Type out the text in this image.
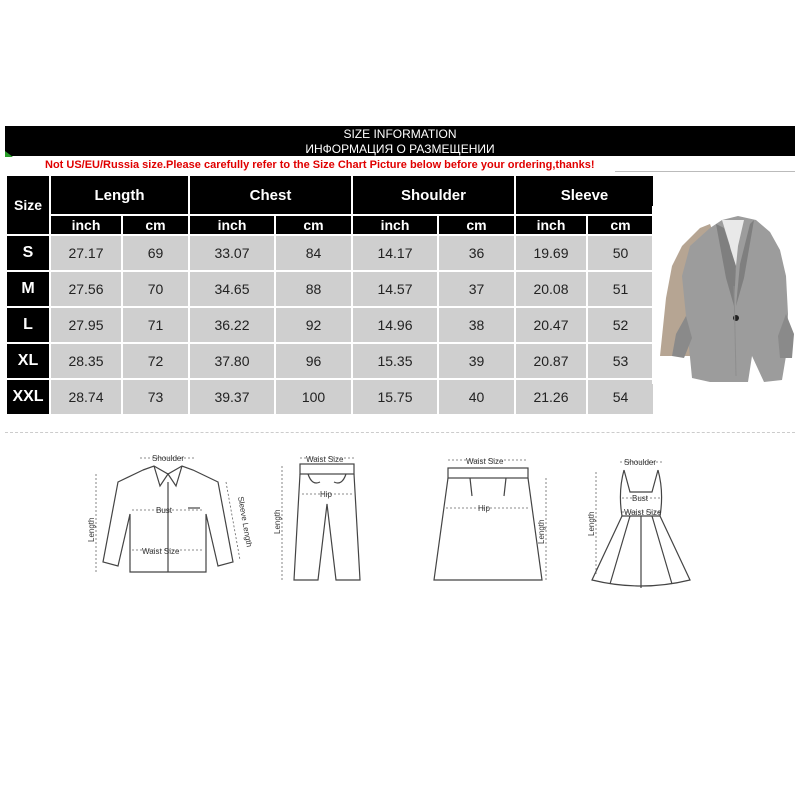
SIZE INFORMATION
ИНФОРМАЦИЯ О РАЗМЕЩЕНИИ
Not US/EU/Russia size.Please carefully refer to the Size Chart Picture below before your ordering,thanks!
Size	Length		Chest		Shoulder		Sleeve	
	inch	cm	inch	cm	inch	cm	inch	cm
S	27.17	69	33.07	84	14.17	36	19.69	50
M	27.56	70	34.65	88	14.57	37	20.08	51
L	27.95	71	36.22	92	14.96	38	20.47	52
XL	28.35	72	37.80	96	15.35	39	20.87	53
XXL	28.74	73	39.37	100	15.75	40	21.26	54
Shoulder
Bust
Waist Size
Sleeve Length
Length
Waist Size
Hip
Length
Waist Size
Hip
Length
Shoulder
Bust
Waist Size
Length
